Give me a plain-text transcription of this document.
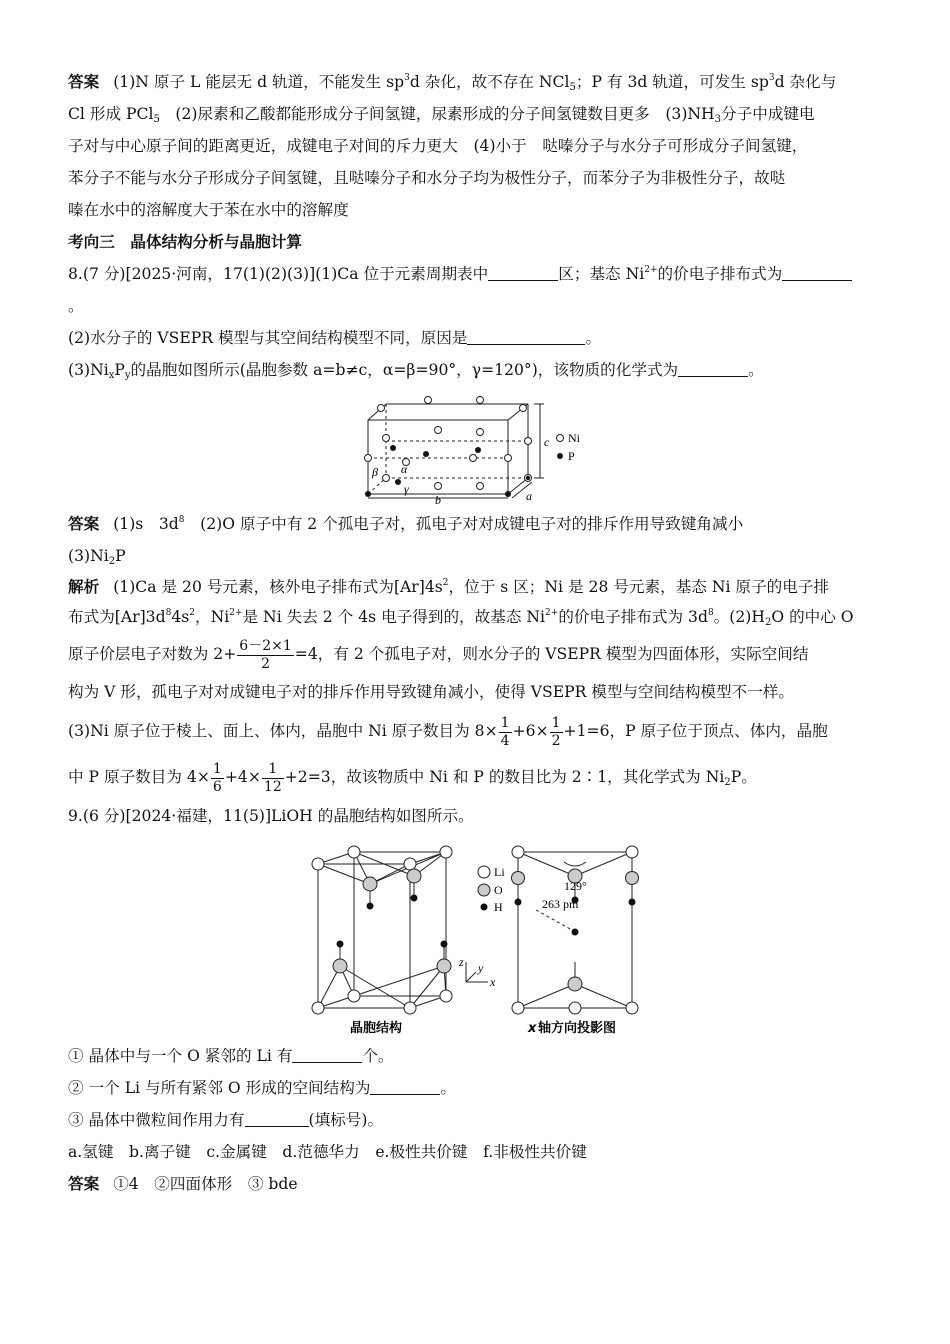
答案 (1)N 原子 L 能层无 d 轨道，不能发生 $sp^3d$ 杂化，故不存在 NCl$_5$；P 有 3d 轨道，可发生 $sp^3d$ 杂化与
Cl 形成 PCl$_5$　 (2)尿素和乙酸都能形成分子间氢键，尿素形成的分子间氢键数目更多　$(3)NH_3$分子中成键电
子对与中心原子间的距离更近，成键电子对间的斥力更大　(4)小于　哒嗪分子与水分子可形成分子间氢键，
苯分子不能与水分子形成分子间氢键，且哒嗪分子和水分子均为极性分子，而苯分子为非极性分子，故哒
嗪在水中的溶解度大于苯在水中的溶解度

考向三　晶体结构分析与晶胞计算

8.(7 分)[2025·河南，17(1)(2)(3)](1)Ca 位于元素周期表中	区；基态 $Ni^{2+}$的价电子排布式为
。

(2)水分子的 VSEPR 模型与其空间结构模型不同，原因是	。

$(3)Ni_xP_y$的晶胞如图所示(晶胞参数 a=b≠c，α=β=90°，γ=120°)，该物质的化学式为	。

Ni
P
c
b	a
α
β
γ

答案 (1)s　$3d^8$　 (2)O 原子中有 2 个孤电子对，孤电子对对成键电子对的排斥作用导致键角减小
$(3)Ni_2P$

解析 (1)Ca 是 20 号元素，核外电子排布式为$[Ar]4s^2$，位于 s 区；Ni 是 28 号元素，基态 Ni 原子的电子排
布式为$[Ar]3d^84s^2$，$Ni^{2+}$是 Ni 失去 2 个 4s 电子得到的，故基态 $Ni^{2+}$的价电子排布式为 $3d^8$。$(2)H_2O$ 的中心 O

原子价层电子对数为 $2+ \frac{6-2\times 1}{2} =4$，有 2 个孤电子对，则水分子的 VSEPR 模型为四面体形，实际空间结

构为 V 形，孤电子对对成键电子对的排斥作用导致键角减小，使得 VSEPR 模型与空间结构模型不一样。

(3)Ni 原子位于棱上、面上、体内，晶胞中 Ni 原子数目为 $8\times \frac{1}{4} +6\times \frac{1}{2} +1=6$，P 原子位于顶点、体内，晶胞

中 P 原子数目为 $4\times \frac{1}{6} +4\times \frac{1}{12} +2=3$，故该物质中 Ni 和 P 的数目比为 2∶1，其化学式为 $Ni_2P$。

9.(6 分)[2024·福建，11(5)]LiOH 的晶胞结构如图所示。

z
x
y
Li
O
H
129°
263 pm
晶胞结构	x 轴方向投影图

① 晶体中与一个 O 紧邻的 Li 有	个。

② 一个 Li 与所有紧邻 O 形成的空间结构为	。

③ 晶体中微粒间作用力有	(填标号)。

a.氢键　b.离子键　c.金属键　d.范德华力　e.极性共价键　f.非极性共价键

答案 ①4　②四面体形　③ bde
